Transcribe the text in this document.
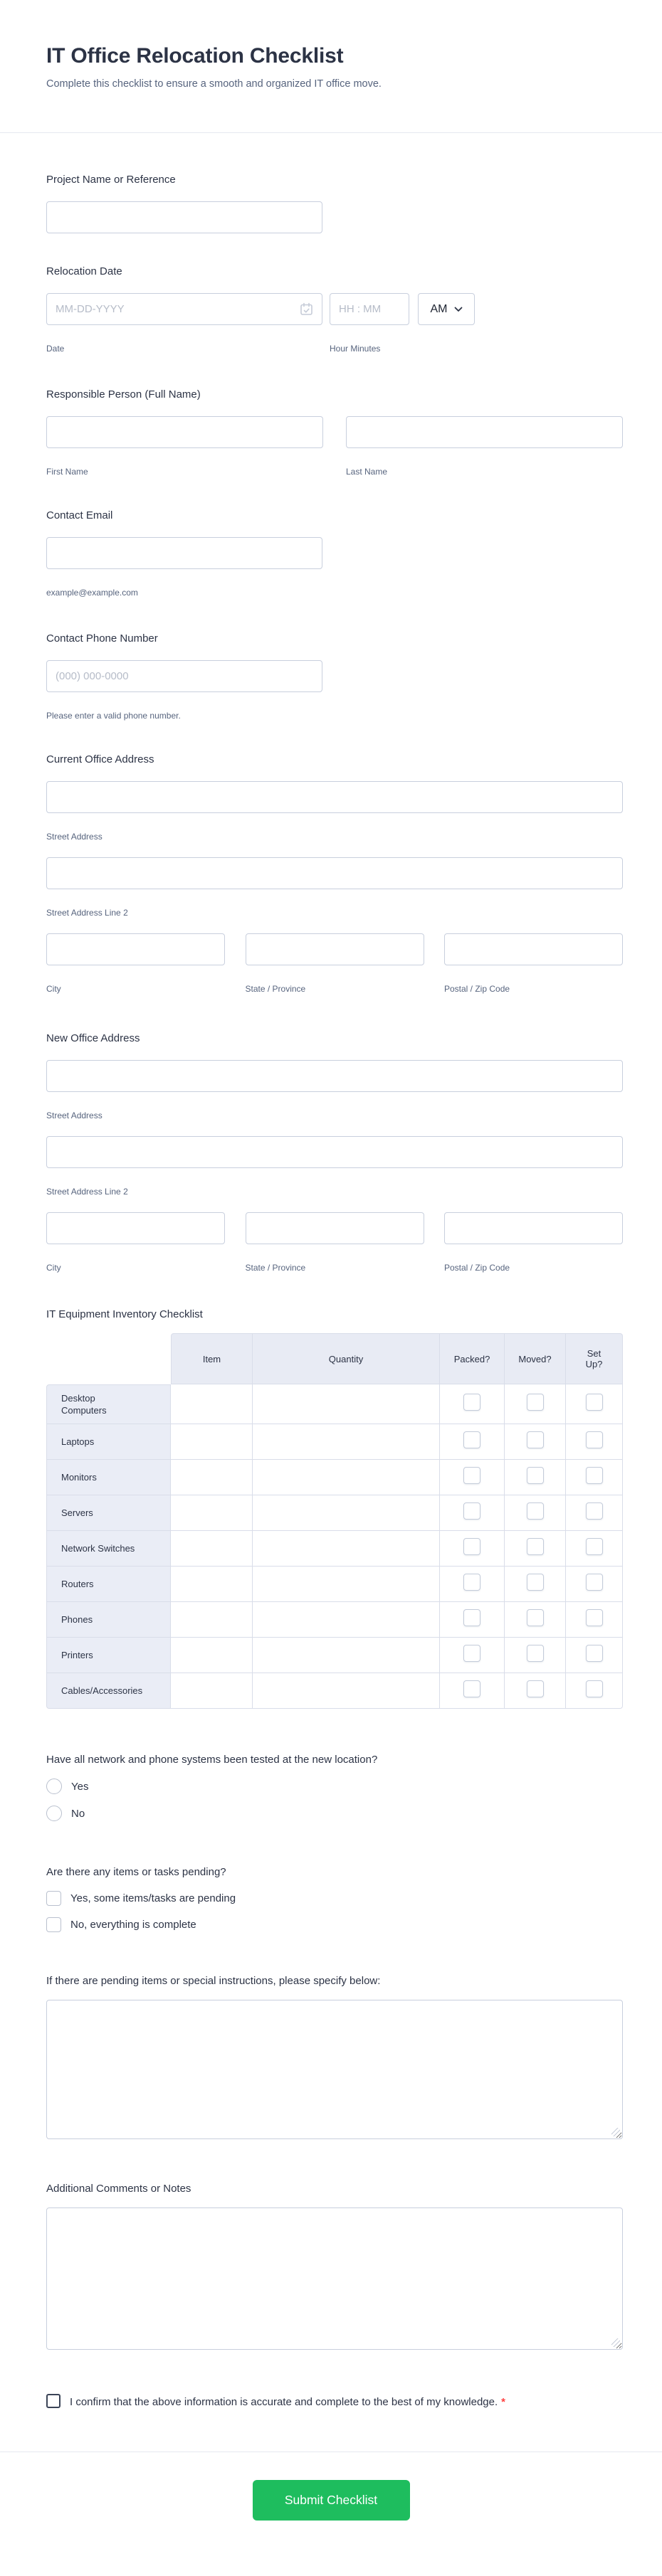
IT Office Relocation Checklist
Complete this checklist to ensure a smooth and organized IT office move.
Project Name or Reference
Relocation Date
MM-DD-YYYY
Date
HH : MM	Hour Minutes
AM
Responsible Person (Full Name)
First Name	Last Name
Contact Email
example@example.com
Contact Phone Number
(000) 000-0000
Please enter a valid phone number.
Current Office Address
Street Address
Street Address Line 2
City	State / Province	Postal / Zip Code
New Office Address
Street Address
Street Address Line 2
City	State / Province	Postal / Zip Code
IT Equipment Inventory Checklist
	Item	Quantity	Packed?	Moved?	Set Up?
Desktop Computers					
Laptops					
Monitors					
Servers					
Network Switches					
Routers					
Phones					
Printers					
Cables/Accessories					
Have all network and phone systems been tested at the new location?
Yes
No
Are there any items or tasks pending?
Yes, some items/tasks are pending
No, everything is complete
If there are pending items or special instructions, please specify below:
Additional Comments or Notes
I confirm that the above information is accurate and complete to the best of my knowledge. *
Submit Checklist
